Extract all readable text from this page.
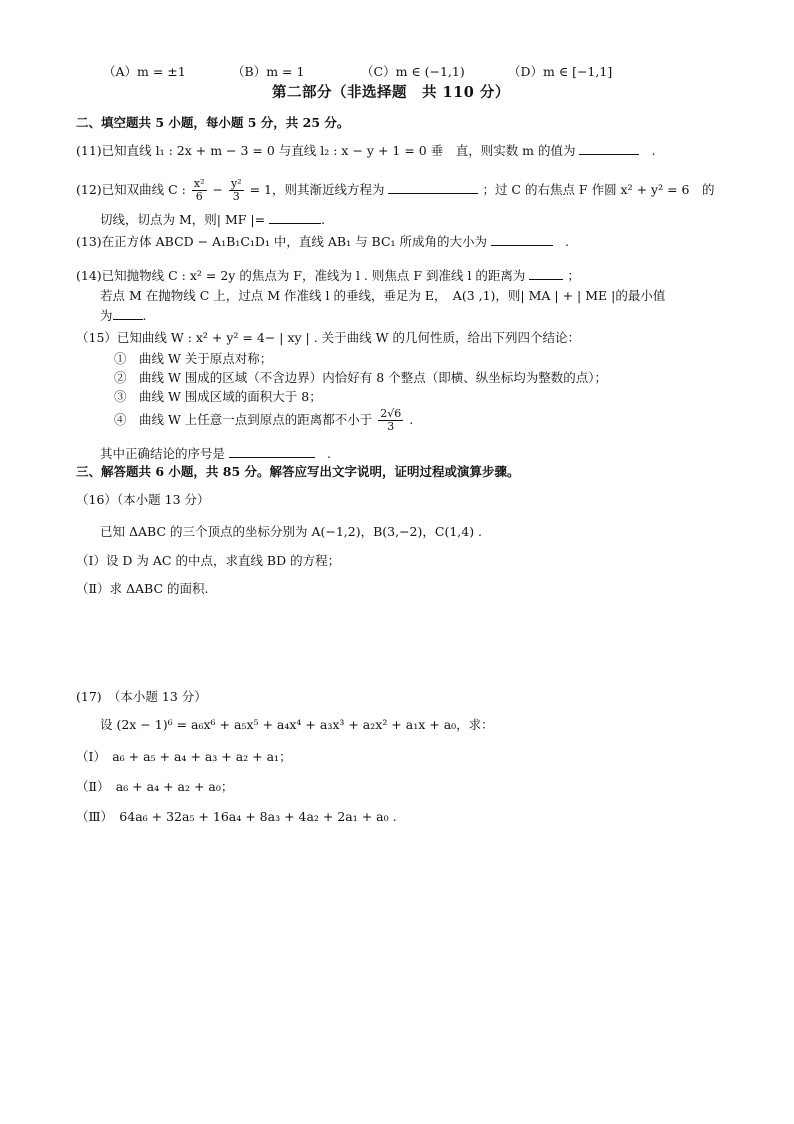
（A）m = ±1	（B）m = 1	（C）m ∈ (−1,1)	（D）m ∈ [−1,1]
第二部分（非选择题　共 110 分）
二、填空题共 5 小题，每小题 5 分，共 25 分。
(11)已知直线 l₁ : 2x + m − 3 = 0 与直线 l₂ : x − y + 1 = 0 垂　直，则实数 m 的值为	.
(12)已知双曲线 C : $\frac{\text{x²}}{6} - \frac{\text{y²}}{3} = 1$，则其渐近线方程为	；过 C 的右焦点 F 作圆 x² + y² = 6　的
切线，切点为 M，则| MF |=	.
(13)在正方体 ABCD − A₁B₁C₁D₁ 中，直线 AB₁ 与 BC₁ 所成角的大小为	.
(14)已知抛物线 C : x² = 2y 的焦点为 F，准线为 l . 则焦点 F 到准线 l 的距离为	；
若点 M 在抛物线 C 上，过点 M 作准线 l 的垂线，垂足为 E，　A(3 ,1)，则| MA | + | ME |的最小值
为 .
（15）已知曲线 W : x² + y² = 4− | xy | . 关于曲线 W 的几何性质，给出下列四个结论：
①　曲线 W 关于原点对称；
②　曲线 W 围成的区域（不含边界）内恰好有 8 个整点（即横、纵坐标均为整数的点）；
③　曲线 W 围成区域的面积大于 8；
④　曲线 W 上任意一点到原点的距离都不小于 $\frac{2√6}{3}$ .
其中正确结论的序号是	.
三、解答题共 6 小题，共 85 分。解答应写出文字说明，证明过程或演算步骤。
（16）（本小题 13 分）
已知 ΔABC 的三个顶点的坐标分别为 A(−1,2)，B(3,−2)，C(1,4) .
（Ⅰ）设 D 为 AC 的中点，求直线 BD 的方程；
（Ⅱ）求 ΔABC 的面积.
(17)　（本小题 13 分）
设 (2x − 1)⁶ = a₆x⁶ + a₅x⁵ + a₄x⁴ + a₃x³ + a₂x² + a₁x + a₀，求：
（Ⅰ）　a₆ + a₅ + a₄ + a₃ + a₂ + a₁；
（Ⅱ）　a₆ + a₄ + a₂ + a₀；
（Ⅲ）　64a₆ + 32a₅ + 16a₄ + 8a₃ + 4a₂ + 2a₁ + a₀ .
